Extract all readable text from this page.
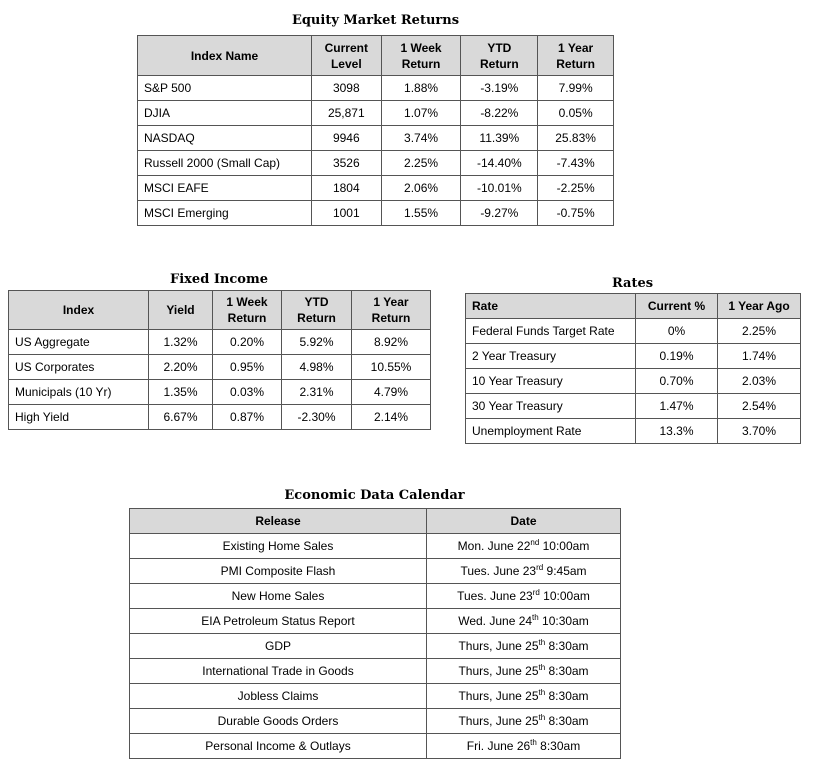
Equity Market Returns
Index Name	Current Level	1 Week Return	YTD Return	1 Year Return
S&P 500	3098	1.88%	-3.19%	7.99%
DJIA	25,871	1.07%	-8.22%	0.05%
NASDAQ	9946	3.74%	11.39%	25.83%
Russell 2000 (Small Cap)	3526	2.25%	-14.40%	-7.43%
MSCI EAFE	1804	2.06%	-10.01%	-2.25%
MSCI Emerging	1001	1.55%	-9.27%	-0.75%
Fixed Income
Index	Yield	1 Week Return	YTD Return	1 Year Return
US Aggregate	1.32%	0.20%	5.92%	8.92%
US Corporates	2.20%	0.95%	4.98%	10.55%
Municipals (10 Yr)	1.35%	0.03%	2.31%	4.79%
High Yield	6.67%	0.87%	-2.30%	2.14%
Rates
Rate	Current %	1 Year Ago
Federal Funds Target Rate	0%	2.25%
2 Year Treasury	0.19%	1.74%
10 Year Treasury	0.70%	2.03%
30 Year Treasury	1.47%	2.54%
Unemployment Rate	13.3%	3.70%
Economic Data Calendar
Release	Date
Existing Home Sales	Mon. June 22nd 10:00am
PMI Composite Flash	Tues. June 23rd 9:45am
New Home Sales	Tues. June 23rd 10:00am
EIA Petroleum Status Report	Wed. June 24th 10:30am
GDP	Thurs, June 25th 8:30am
International Trade in Goods	Thurs, June 25th 8:30am
Jobless Claims	Thurs, June 25th 8:30am
Durable Goods Orders	Thurs, June 25th 8:30am
Personal Income & Outlays	Fri. June 26th 8:30am
